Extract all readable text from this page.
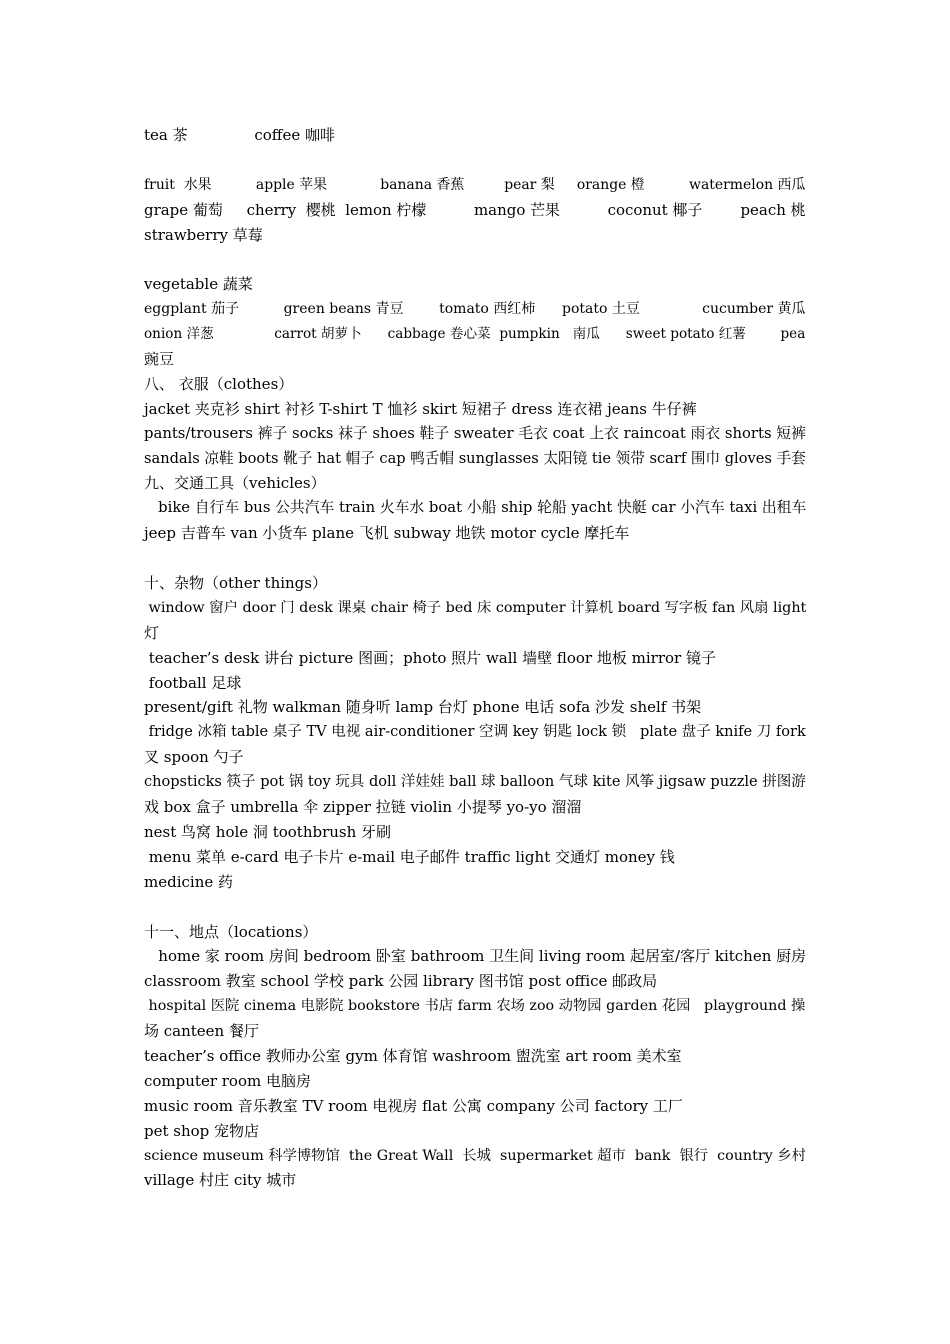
tea 茶              coffee 咖啡
fruit  水果          apple 苹果            banana 香蕉         pear 梨     orange 橙          watermelon 西瓜
grape 葡萄     cherry  樱桃  lemon 柠檬          mango 芒果          coconut 椰子        peach 桃
strawberry 草莓
vegetable 蔬菜
eggplant 茄子          green beans 青豆        tomato 西红柿      potato 土豆              cucumber 黄瓜
onion 洋葱              carrot 胡萝卜      cabbage 卷心菜  pumpkin   南瓜      sweet potato 红薯        pea
豌豆
八、 衣服（clothes）
jacket 夹克衫 shirt 衬衫 T-shirt T 恤衫 skirt 短裙子 dress 连衣裙 jeans 牛仔裤
pants/trousers 裤子 socks 袜子 shoes 鞋子 sweater 毛衣 coat 上衣 raincoat 雨衣 shorts 短裤
sandals 凉鞋 boots 靴子 hat 帽子 cap 鸭舌帽 sunglasses 太阳镜 tie 领带 scarf 围巾 gloves 手套
九、交通工具（vehicles）
bike 自行车 bus 公共汽车 train 火车水 boat 小船 ship 轮船 yacht 快艇 car 小汽车 taxi 出租车
jeep 吉普车 van 小货车 plane 飞机 subway 地铁 motor cycle 摩托车
十、杂物（other things）
window 窗户 door 门 desk 课桌 chair 椅子 bed 床 computer 计算机 board 写字板 fan 风扇 light
灯
teacher’s desk 讲台 picture 图画；photo 照片 wall 墙壁 floor 地板 mirror 镜子
football 足球
present/gift 礼物 walkman 随身听 lamp 台灯 phone 电话 sofa 沙发 shelf 书架
fridge 冰箱 table 桌子 TV 电视 air-conditioner 空调 key 钥匙 lock 锁   plate 盘子 knife 刀 fork
叉 spoon 勺子
chopsticks 筷子 pot 锅 toy 玩具 doll 洋娃娃 ball 球 balloon 气球 kite 风筝 jigsaw puzzle 拼图游
戏 box 盒子 umbrella 伞 zipper 拉链 violin 小提琴 yo-yo 溜溜
nest 鸟窝 hole 洞 toothbrush 牙刷
menu 菜单 e-card 电子卡片 e-mail 电子邮件 traffic light 交通灯 money 钱
medicine 药
十一、地点（locations）
home 家 room 房间 bedroom 卧室 bathroom 卫生间 living room 起居室/客厅 kitchen 厨房
classroom 教室 school 学校 park 公园 library 图书馆 post office 邮政局
hospital 医院 cinema 电影院 bookstore 书店 farm 农场 zoo 动物园 garden 花园   playground 操
场 canteen 餐厅
teacher’s office 教师办公室 gym 体育馆 washroom 盥洗室 art room 美术室
computer room 电脑房
music room 音乐教室 TV room 电视房 flat 公寓 company 公司 factory 工厂
pet shop 宠物店
science museum 科学博物馆  the Great Wall  长城  supermarket 超市  bank  银行  country 乡村
village 村庄 city 城市
